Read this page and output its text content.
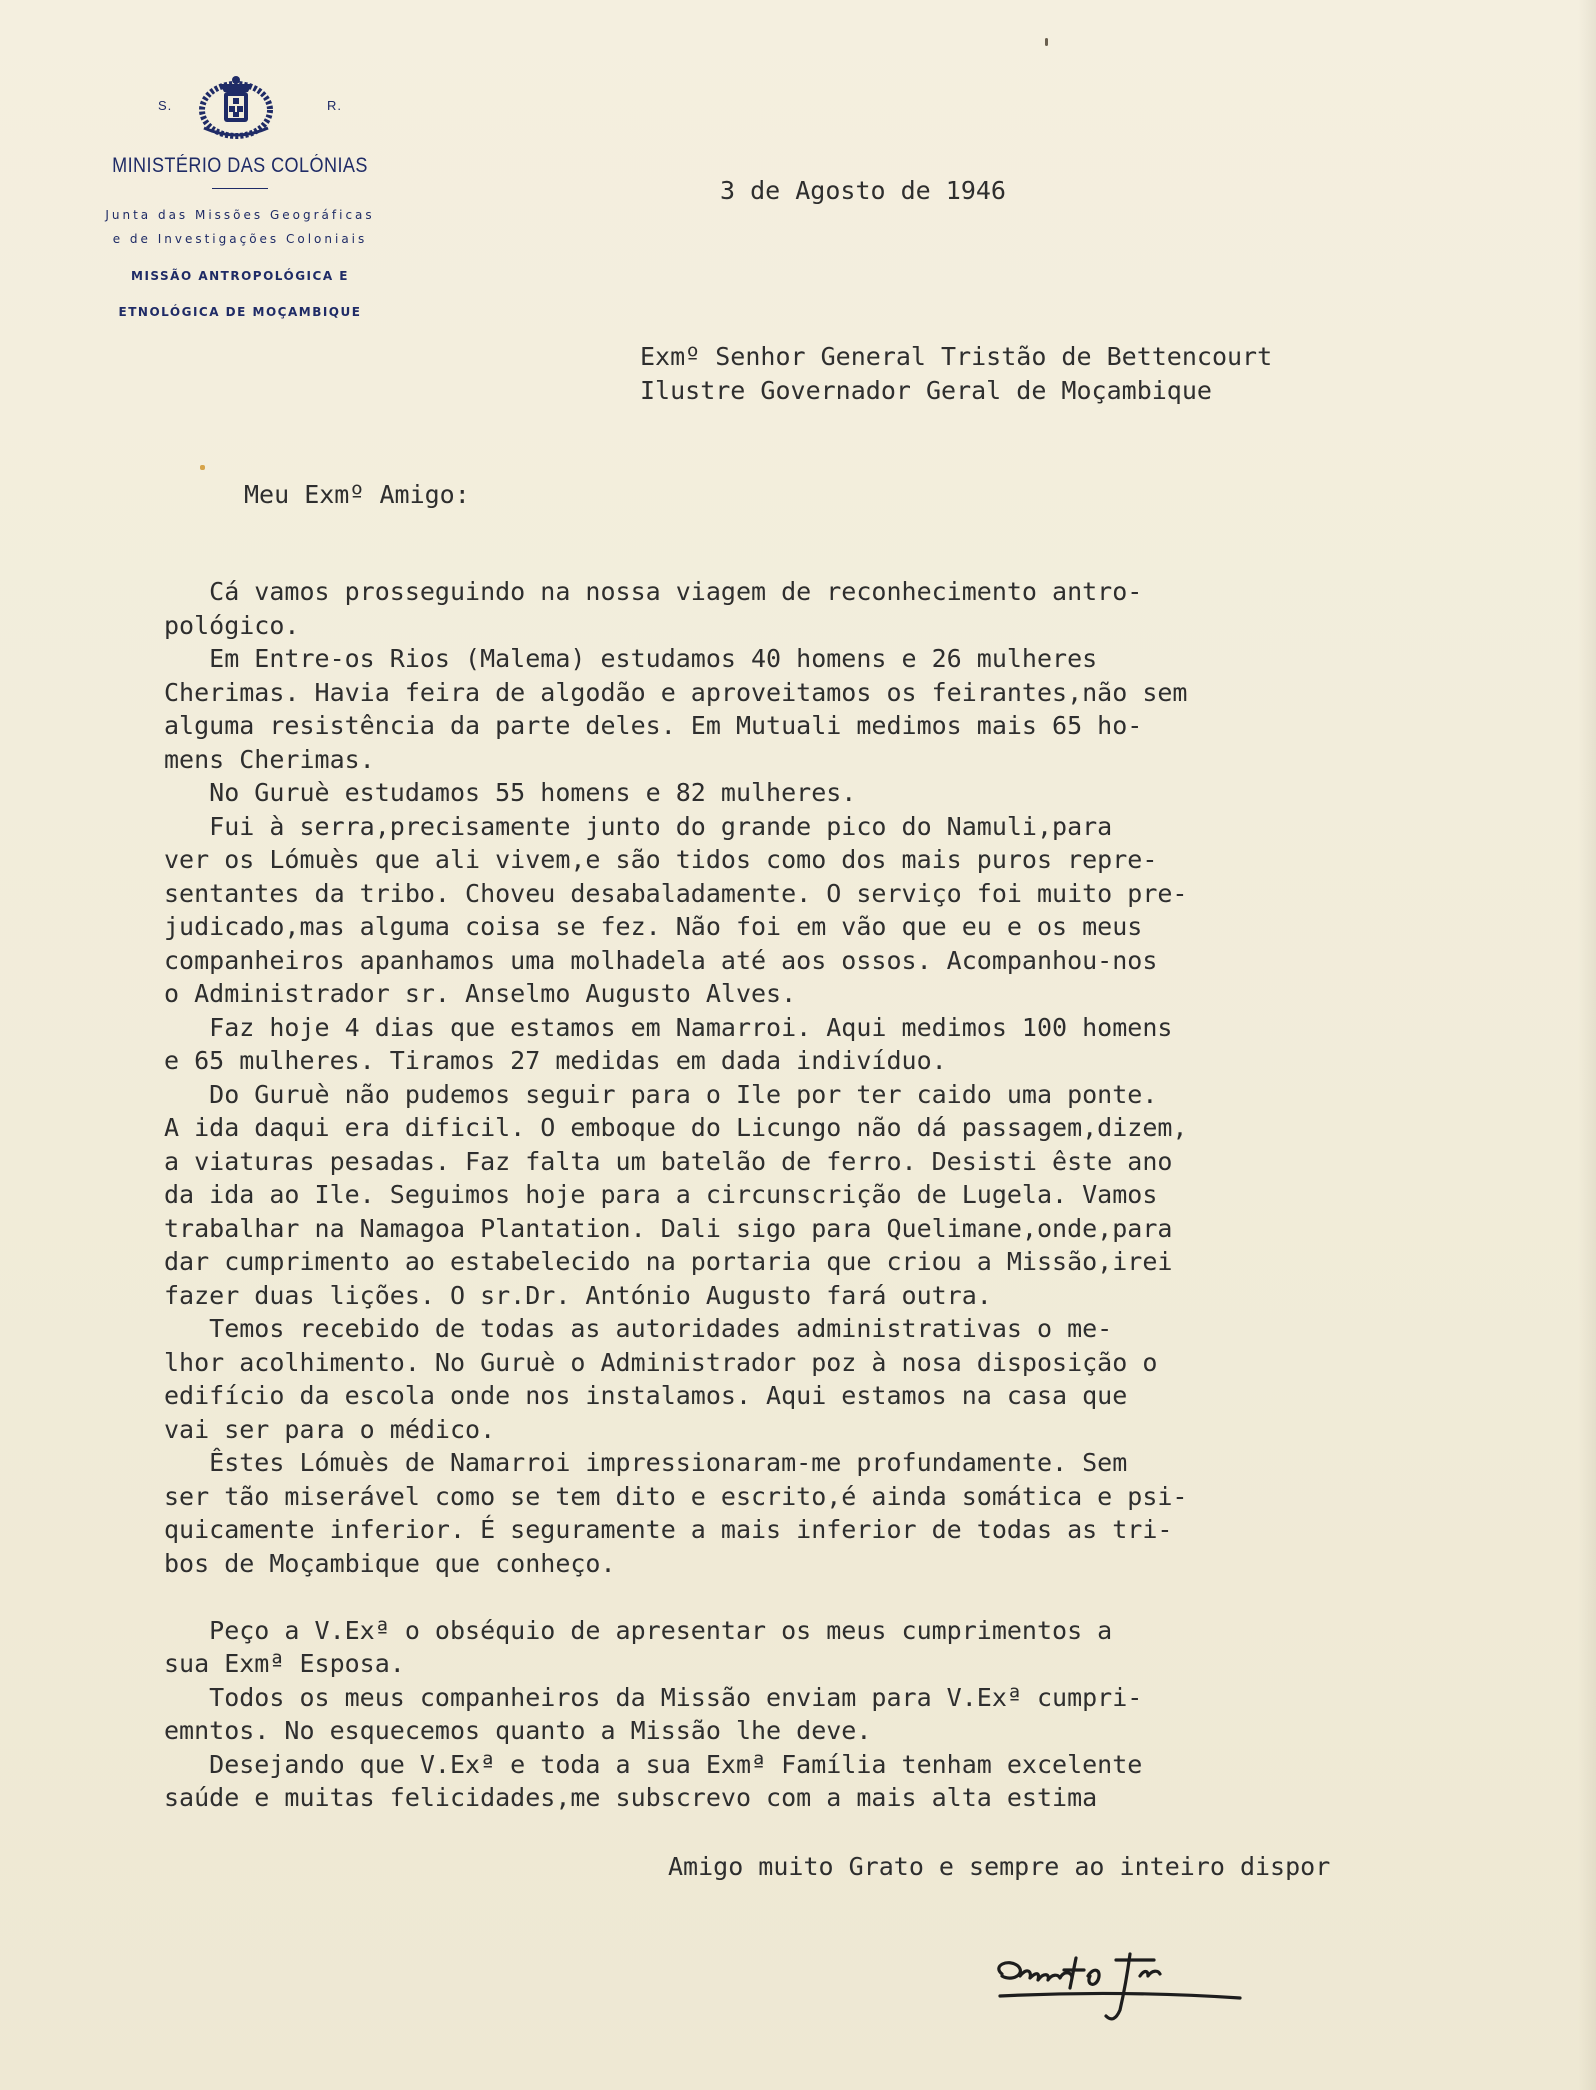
S.	R.
MINISTÉRIO DAS COLÓNIAS
Junta das Missões Geográficas
e de Investigações Coloniais
MISSÃO ANTROPOLÓGICA E
ETNOLÓGICA DE MOÇAMBIQUE
3 de Agosto de 1946
Exmº Senhor General Tristão de Bettencourt
Ilustre Governador Geral de Moçambique
Meu Exmº Amigo:
Cá vamos prosseguindo na nossa viagem de reconhecimento antro-
pológico.
Em Entre-os Rios (Malema) estudamos 40 homens e 26 mulheres
Cherimas. Havia feira de algodão e aproveitamos os feirantes,não sem
alguma resistência da parte deles. Em Mutuali medimos mais 65 ho-
mens Cherimas.
No Guruè estudamos 55 homens e 82 mulheres.
Fui à serra,precisamente junto do grande pico do Namuli,para
ver os Lómuès que ali vivem,e são tidos como dos mais puros repre-
sentantes da tribo. Choveu desabaladamente. O serviço foi muito pre-
judicado,mas alguma coisa se fez. Não foi em vão que eu e os meus
companheiros apanhamos uma molhadela até aos ossos. Acompanhou-nos
o Administrador sr. Anselmo Augusto Alves.
Faz hoje 4 dias que estamos em Namarroi. Aqui medimos 100 homens
e 65 mulheres. Tiramos 27 medidas em dada indivíduo.
Do Guruè não pudemos seguir para o Ile por ter caido uma ponte.
A ida daqui era dificil. O emboque do Licungo não dá passagem,dizem,
a viaturas pesadas. Faz falta um batelão de ferro. Desisti êste ano
da ida ao Ile. Seguimos hoje para a circunscrição de Lugela. Vamos
trabalhar na Namagoa Plantation. Dali sigo para Quelimane,onde,para
dar cumprimento ao estabelecido na portaria que criou a Missão,irei
fazer duas lições. O sr.Dr. António Augusto fará outra.
Temos recebido de todas as autoridades administrativas o me-
lhor acolhimento. No Guruè o Administrador poz à nosa disposição o
edifício da escola onde nos instalamos. Aqui estamos na casa que
vai ser para o médico.
Êstes Lómuès de Namarroi impressionaram-me profundamente. Sem
ser tão miserável como se tem dito e escrito,é ainda somática e psi-
quicamente inferior. É seguramente a mais inferior de todas as tri-
bos de Moçambique que conheço.

Peço a V.Exª o obséquio de apresentar os meus cumprimentos a
sua Exmª Esposa.
Todos os meus companheiros da Missão enviam para V.Exª cumpri-
emntos. No esquecemos quanto a Missão lhe deve.
Desejando que V.Exª e toda a sua Exmª Família tenham excelente
saúde e muitas felicidades,me subscrevo com a mais alta estima
Amigo muito Grato e sempre ao inteiro dispor
